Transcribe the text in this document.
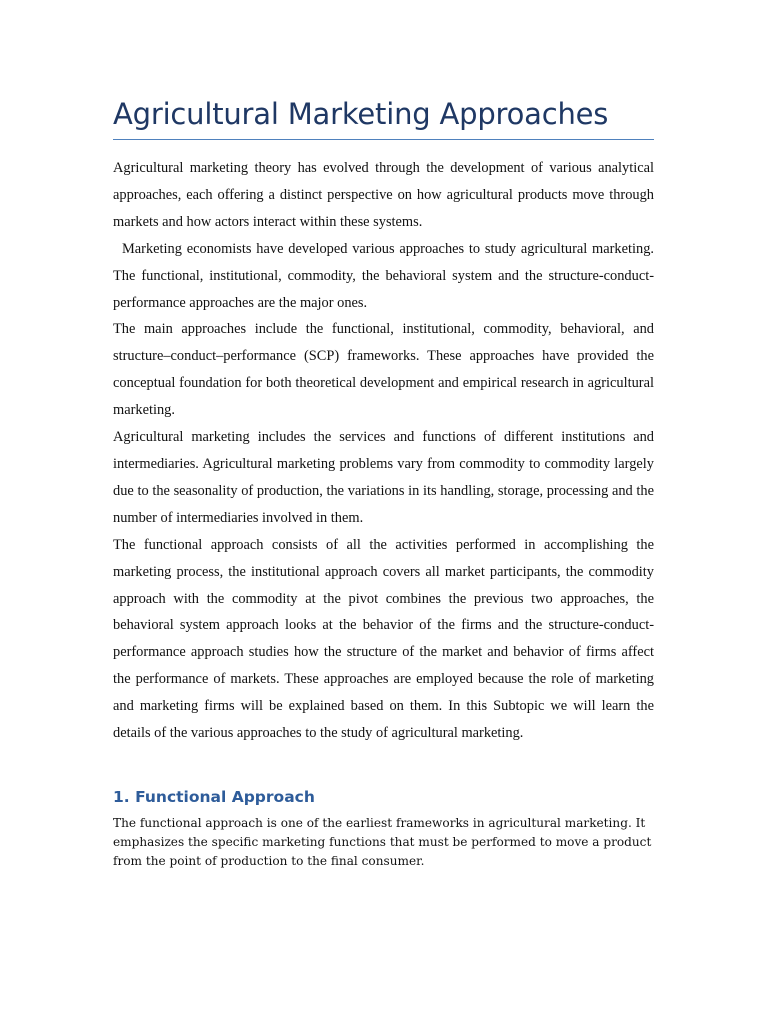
Agricultural Marketing Approaches

Agricultural marketing theory has evolved through the development of various analytical approaches, each offering a distinct perspective on how agricultural products move through markets and how actors interact within these systems.

Marketing economists have developed various approaches to study agricultural marketing. The functional, institutional, commodity, the behavioral system and the structure-conduct-performance approaches are the major ones.

The main approaches include the functional, institutional, commodity, behavioral, and structure–conduct–performance (SCP) frameworks. These approaches have provided the conceptual foundation for both theoretical development and empirical research in agricultural marketing.

Agricultural marketing includes the services and functions of different institutions and intermediaries. Agricultural marketing problems vary from commodity to commodity largely due to the seasonality of production, the variations in its handling, storage, processing and the number of intermediaries involved in them.

The functional approach consists of all the activities performed in accomplishing the marketing process, the institutional approach covers all market participants, the commodity approach with the commodity at the pivot combines the previous two approaches, the behavioral system approach looks at the behavior of the firms and the structure-conduct-performance approach studies how the structure of the market and behavior of firms affect the performance of markets. These approaches are employed because the role of marketing and marketing firms will be explained based on them. In this Subtopic we will learn the details of the various approaches to the study of agricultural marketing.

1. Functional Approach

The functional approach is one of the earliest frameworks in agricultural marketing. It emphasizes the specific marketing functions that must be performed to move a product from the point of production to the final consumer.
